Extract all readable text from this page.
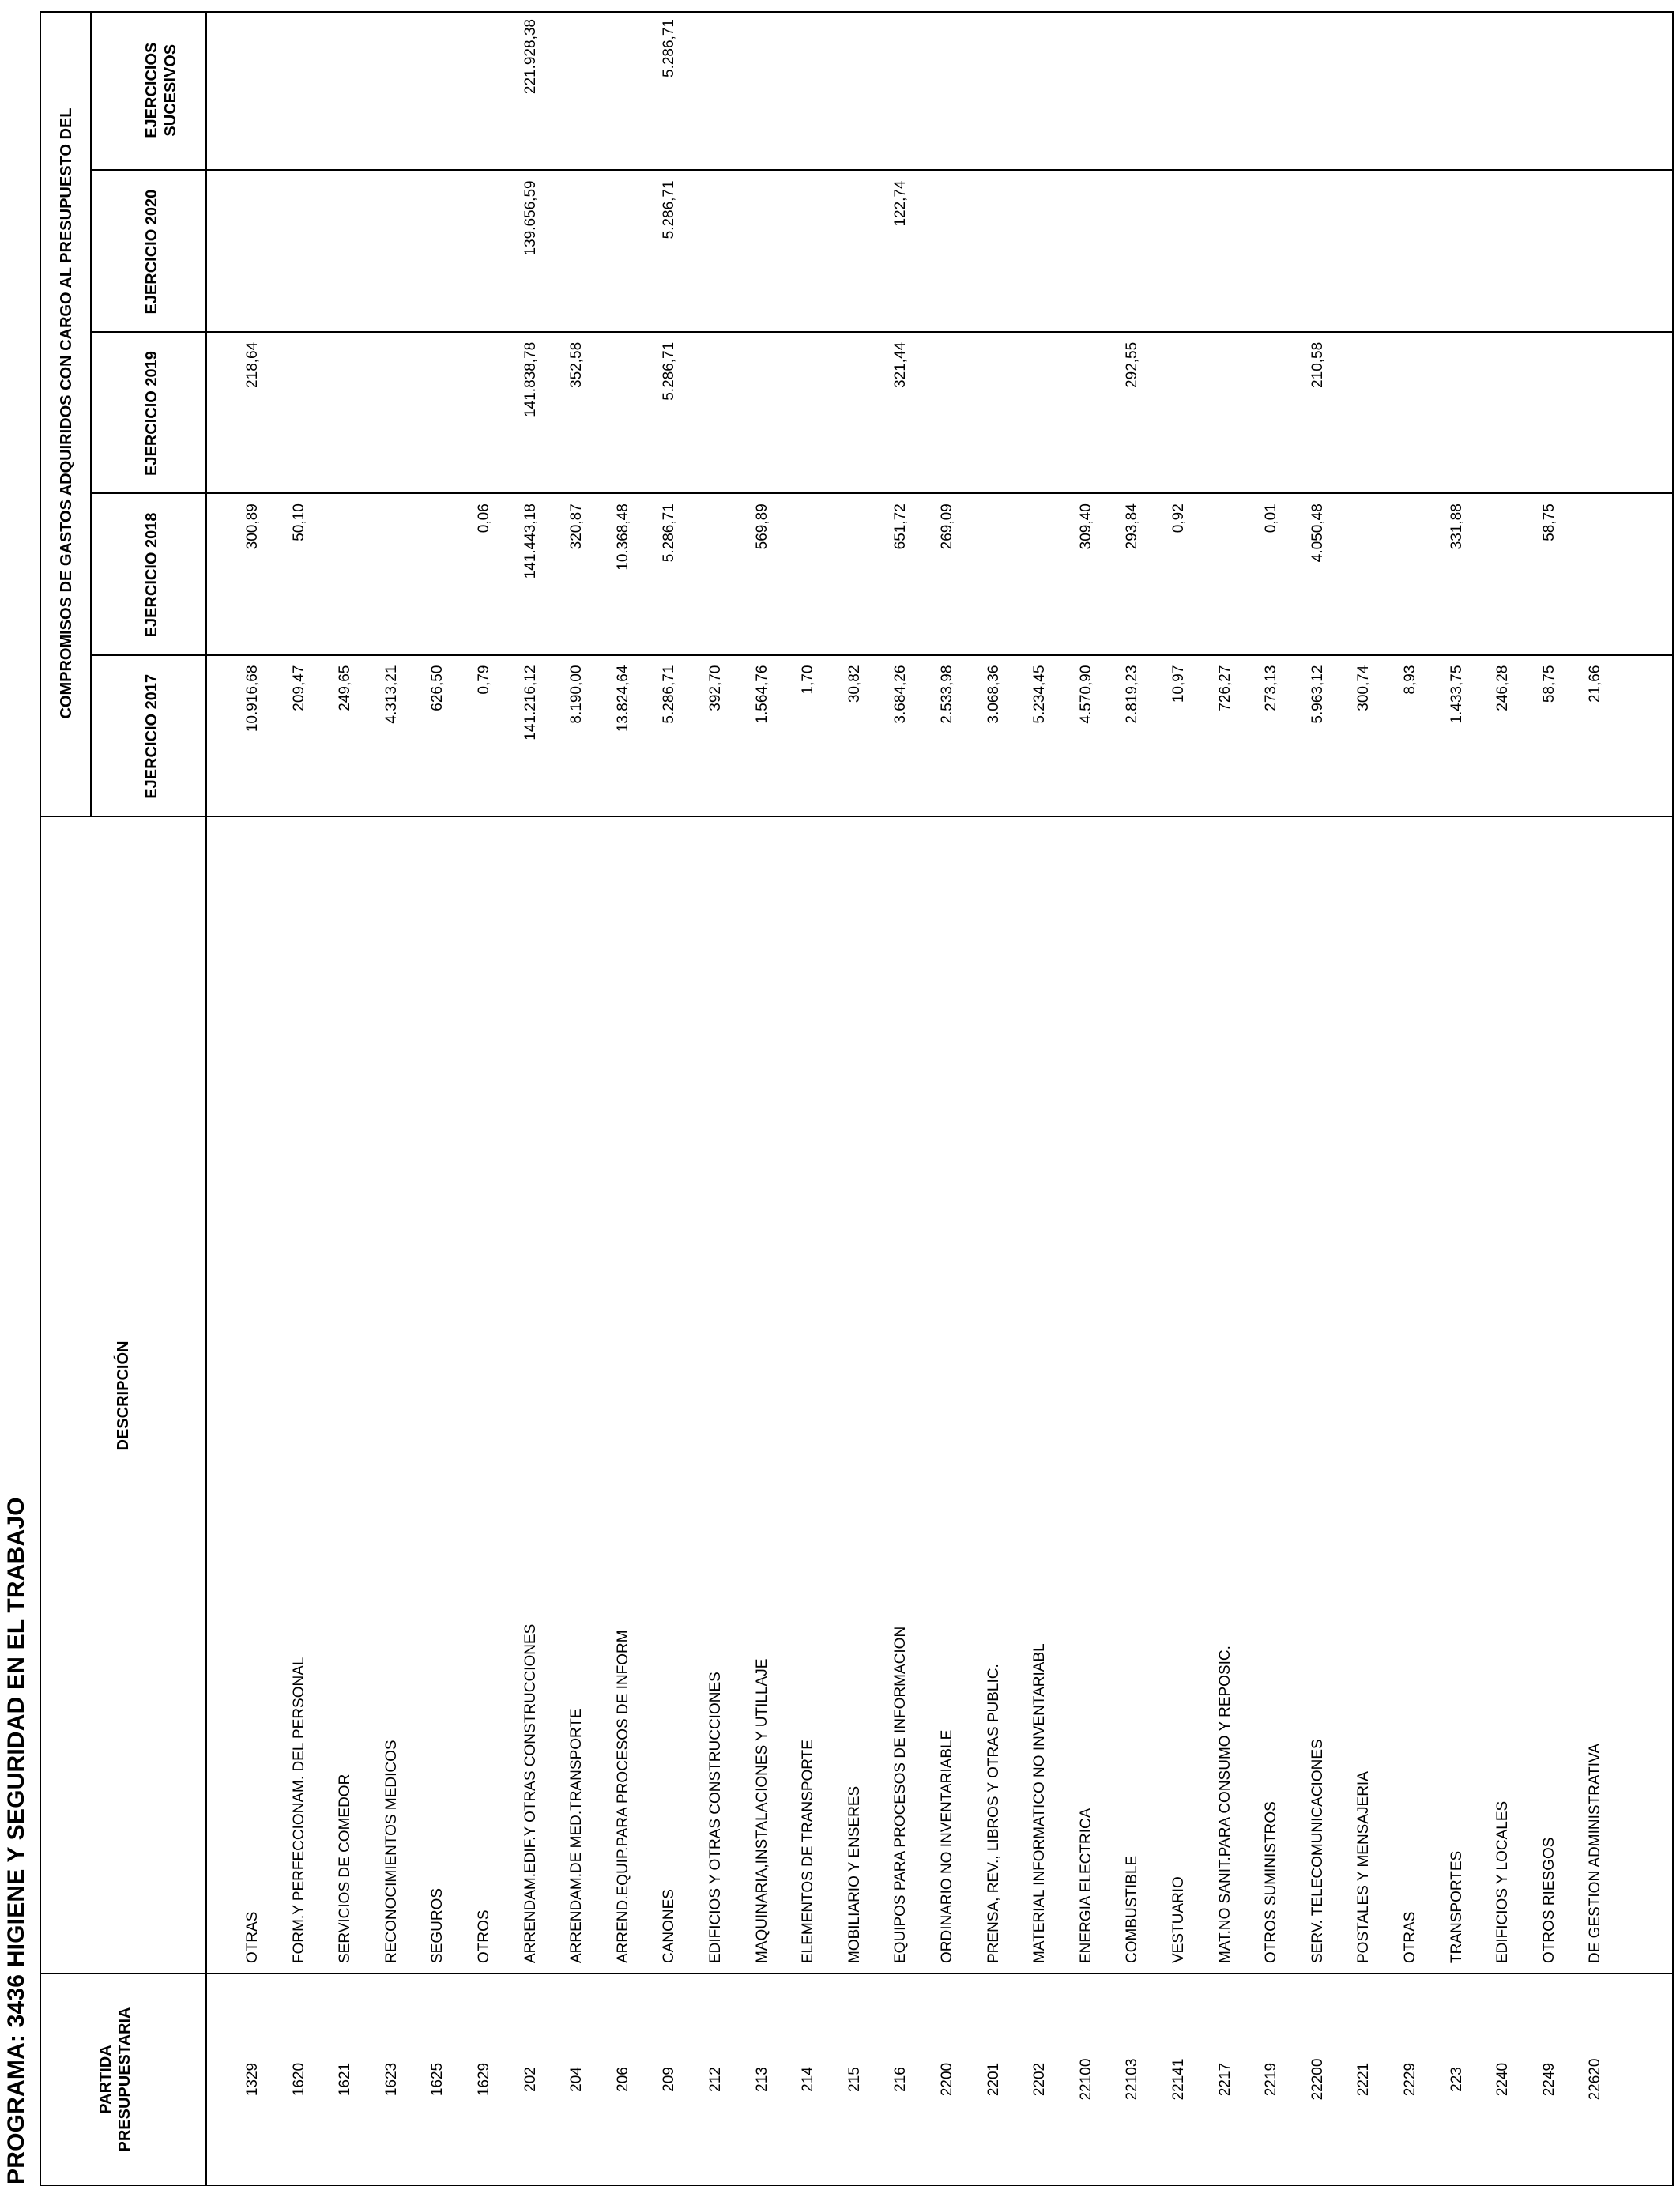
PROGRAMA: 3436 HIGIENE Y SEGURIDAD EN EL TRABAJO	PARTIDA PRESUPUESTARIA
DESCRIPCIÓN
COMPROMISOS DE GASTOS ADQUIRIDOS CON CARGO AL PRESUPUESTO DEL
EJERCICIO 2017
EJERCICIO 2018
EJERCICIO 2019
EJERCICIO 2020
EJERCICIOS SUCESIVOS
1329
OTRAS
10.916,68
300,89
218,64
1620
FORM.Y PERFECCIONAM. DEL PERSONAL
209,47
50,10
1621
SERVICIOS DE COMEDOR
249,65
1623
RECONOCIMIENTOS MEDICOS
4.313,21
1625
SEGUROS
626,50
1629
OTROS
0,79
0,06
202
ARRENDAM.EDIF.Y OTRAS CONSTRUCCIONES
141.216,12
141.443,18
141.838,78
139.656,59
221.928,38
204
ARRENDAM.DE MED.TRANSPORTE
8.190,00
320,87
352,58
206
ARREND.EQUIP.PARA PROCESOS DE INFORM
13.824,64
10.368,48
209
CANONES
5.286,71
5.286,71
5.286,71
5.286,71
5.286,71
212
EDIFICIOS Y OTRAS CONSTRUCCIONES
392,70
213
MAQUINARIA,INSTALACIONES Y UTILLAJE
1.564,76
569,89
214
ELEMENTOS DE TRANSPORTE
1,70
215
MOBILIARIO Y ENSERES
30,82
216
EQUIPOS PARA PROCESOS DE INFORMACION
3.684,26
651,72
321,44
122,74
2200
ORDINARIO NO INVENTARIABLE
2.533,98
269,09
2201
PRENSA, REV., LIBROS Y OTRAS PUBLIC.
3.068,36
2202
MATERIAL INFORMATICO NO INVENTARIABL
5.234,45
22100
ENERGIA ELECTRICA
4.570,90
309,40
22103
COMBUSTIBLE
2.819,23
293,84
292,55
22141
VESTUARIO
10,97
0,92
2217
MAT.NO SANIT.PARA CONSUMO Y REPOSIC.
726,27
2219
OTROS SUMINISTROS
273,13
0,01
22200
SERV. TELECOMUNICACIONES
5.963,12
4.050,48
210,58
2221
POSTALES Y MENSAJERIA
300,74
2229
OTRAS
8,93
223
TRANSPORTES
1.433,75
331,88
2240
EDIFICIOS Y LOCALES
246,28
2249
OTROS RIESGOS
58,75
58,75
22620
DE GESTION ADMINISTRATIVA
21,66
